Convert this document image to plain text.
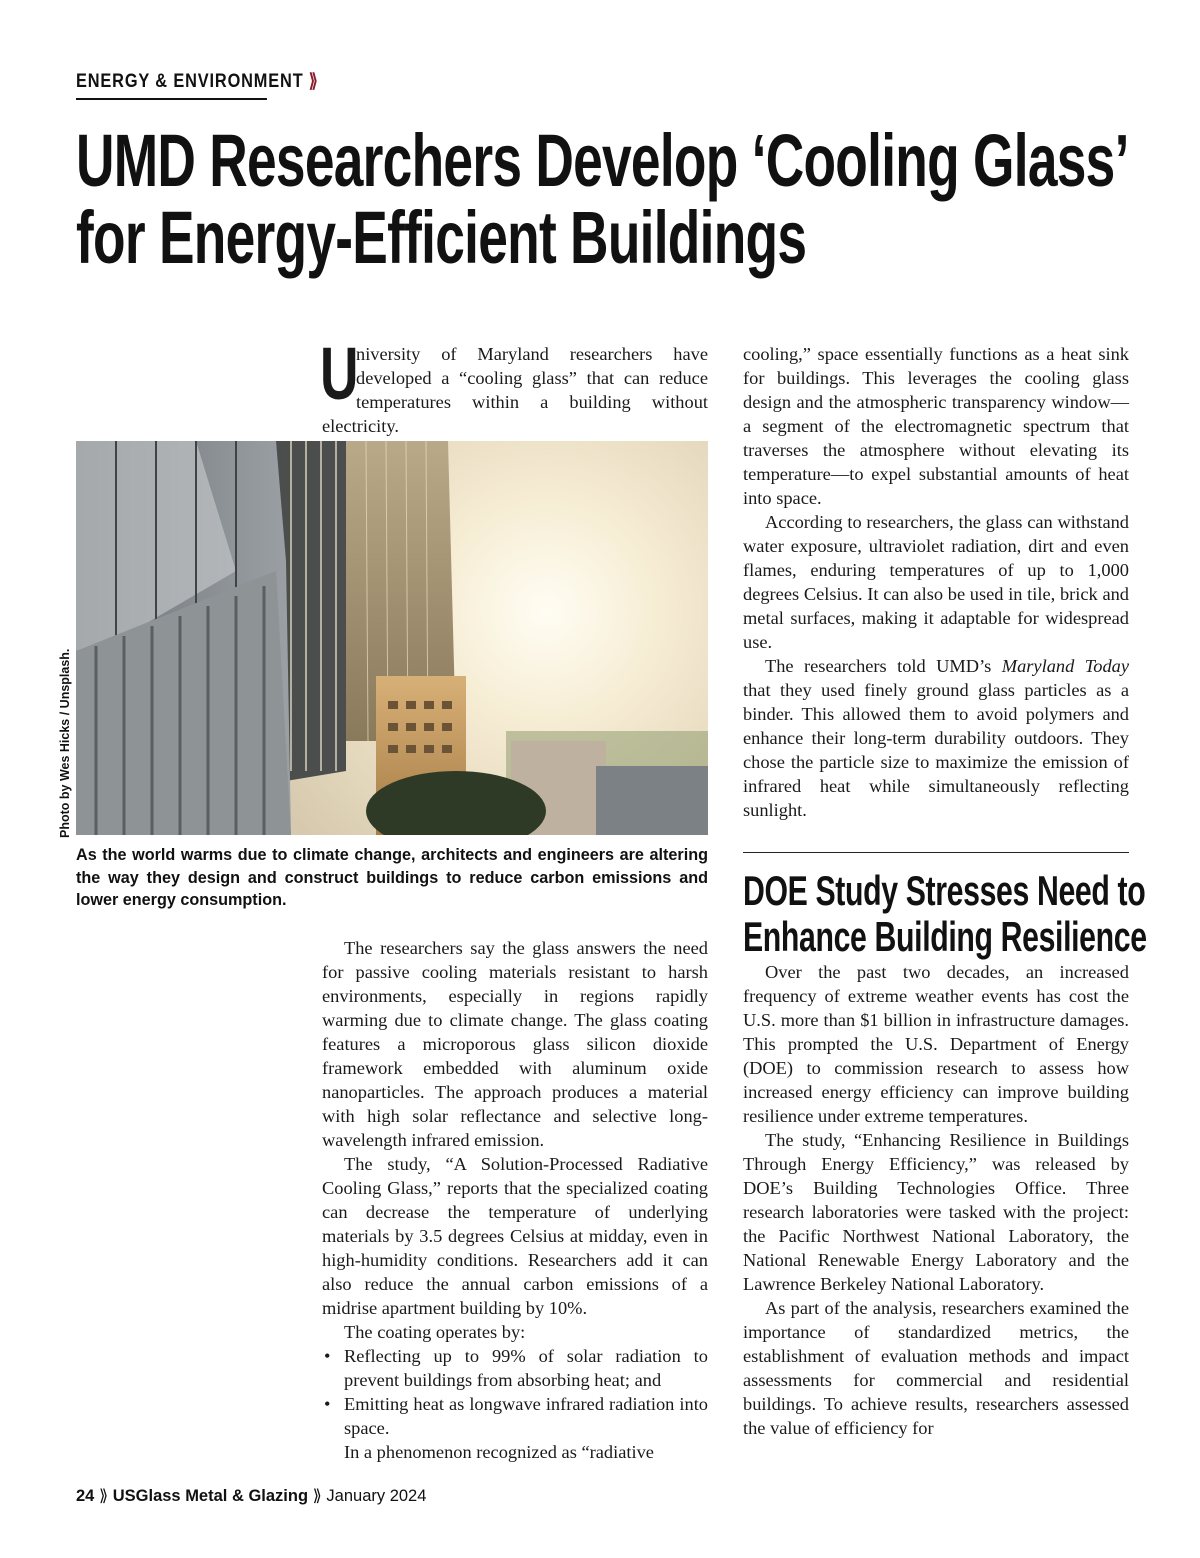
ENERGY & ENVIRONMENT ⟫
UMD Researchers Develop ‘Cooling Glass’
for Energy-Efficient Buildings
U
niversity of Maryland researchers have developed a “cooling glass” that can reduce temperatures within a building without electricity.
Photo by Wes Hicks / Unsplash.
As the world warms due to climate change, architects and engineers are altering the way they design and construct buildings to reduce carbon emissions and lower energy consumption.

The researchers say the glass answers the need for passive cooling materials resistant to harsh environments, especially in regions rapidly warming due to climate change. The glass coating features a microporous glass silicon dioxide framework embedded with aluminum oxide nanoparticles. The approach produces a material with high solar reflectance and selective long-wavelength infrared emission.

The study, “A Solution-Processed Radiative Cooling Glass,” reports that the specialized coating can decrease the temperature of underlying materials by 3.5 degrees Celsius at midday, even in high-humidity conditions. Researchers add it can also reduce the annual carbon emissions of a midrise apartment building by 10%.

The coating operates by:

• Reflecting up to 99% of solar radiation to prevent buildings from absorbing heat; and
• Emitting heat as longwave infrared radiation into space.

In a phenomenon recognized as “radiative

cooling,” space essentially functions as a heat sink for buildings. This leverages the cooling glass design and the atmospheric transparency window—a segment of the electromagnetic spectrum that traverses the atmosphere without elevating its temperature—to expel substantial amounts of heat into space.

According to researchers, the glass can withstand water exposure, ultraviolet radiation, dirt and even flames, enduring temperatures of up to 1,000 degrees Celsius. It can also be used in tile, brick and metal surfaces, making it adaptable for widespread use.

The researchers told UMD’s Maryland Today that they used finely ground glass particles as a binder. This allowed them to avoid polymers and enhance their long-term durability outdoors. They chose the particle size to maximize the emission of infrared heat while simultaneously reflecting sunlight.

DOE Study Stresses Need to
Enhance Building Resilience

Over the past two decades, an increased frequency of extreme weather events has cost the U.S. more than $1 billion in infrastructure damages. This prompted the U.S. Department of Energy (DOE) to commission research to assess how increased energy efficiency can improve building resilience under extreme temperatures.

The study, “Enhancing Resilience in Buildings Through Energy Efficiency,” was released by DOE’s Building Technologies Office. Three research laboratories were tasked with the project: the Pacific Northwest National Laboratory, the National Renewable Energy Laboratory and the Lawrence Berkeley National Laboratory.

As part of the analysis, researchers examined the importance of standardized metrics, the establishment of evaluation methods and impact assessments for commercial and residential buildings. To achieve results, researchers assessed the value of efficiency for

24 ⟫ USGlass Metal & Glazing ⟫ January 2024
